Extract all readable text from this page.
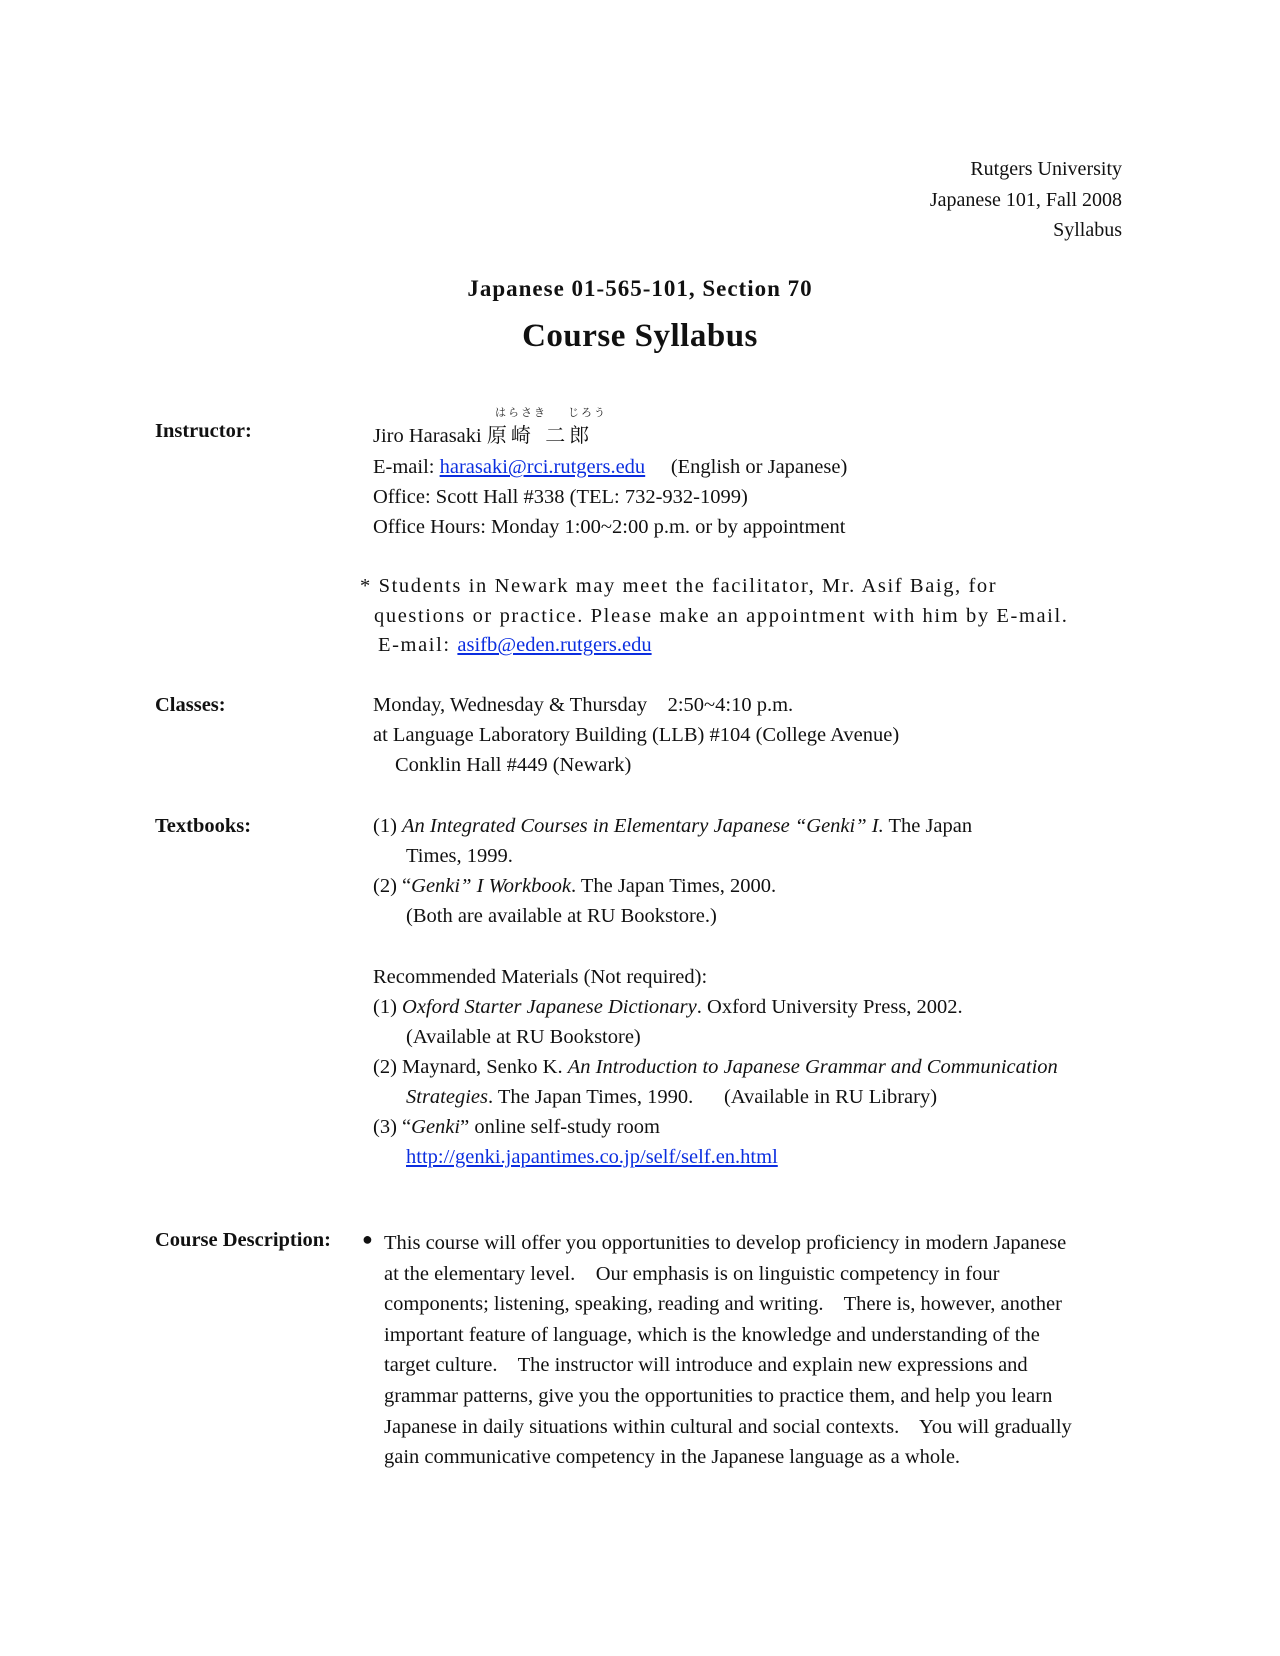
Rutgers University
Japanese 101, Fall 2008
Syllabus
Japanese 01-565-101, Section 70
Course Syllabus
Instructor:
はらさき じろう
Jiro Harasaki 原崎 二郎
E-mail: harasaki@rci.rutgers.edu (English or Japanese)
Office: Scott Hall #338 (TEL: 732-932-1099)
Office Hours: Monday 1:00~2:00 p.m. or by appointment
* Students in Newark may meet the facilitator, Mr. Asif Baig, for
questions or practice. Please make an appointment with him by E-mail.
E-mail: asifb@eden.rutgers.edu
Classes:	Monday, Wednesday & Thursday    2:50~4:10 p.m.
at Language Laboratory Building (LLB) #104 (College Avenue)
Conklin Hall #449 (Newark)
Textbooks:	(1) An Integrated Courses in Elementary Japanese “Genki” I. The Japan
Times, 1999.
(2) “Genki” I Workbook. The Japan Times, 2000.
(Both are available at RU Bookstore.)
Recommended Materials (Not required):
(1) Oxford Starter Japanese Dictionary. Oxford University Press, 2002.
(Available at RU Bookstore)
(2) Maynard, Senko K. An Introduction to Japanese Grammar and Communication
Strategies. The Japan Times, 1990.      (Available in RU Library)
(3) “Genki” online self-study room
http://genki.japantimes.co.jp/self/self.en.html
Course Description: ● This course will offer you opportunities to develop proficiency in modern Japanese

at the elementary level.    Our emphasis is on linguistic competency in four

components; listening, speaking, reading and writing.    There is, however, another

important feature of language, which is the knowledge and understanding of the

target culture.    The instructor will introduce and explain new expressions and

grammar patterns, give you the opportunities to practice them, and help you learn

Japanese in daily situations within cultural and social contexts.    You will gradually

gain communicative competency in the Japanese language as a whole.
